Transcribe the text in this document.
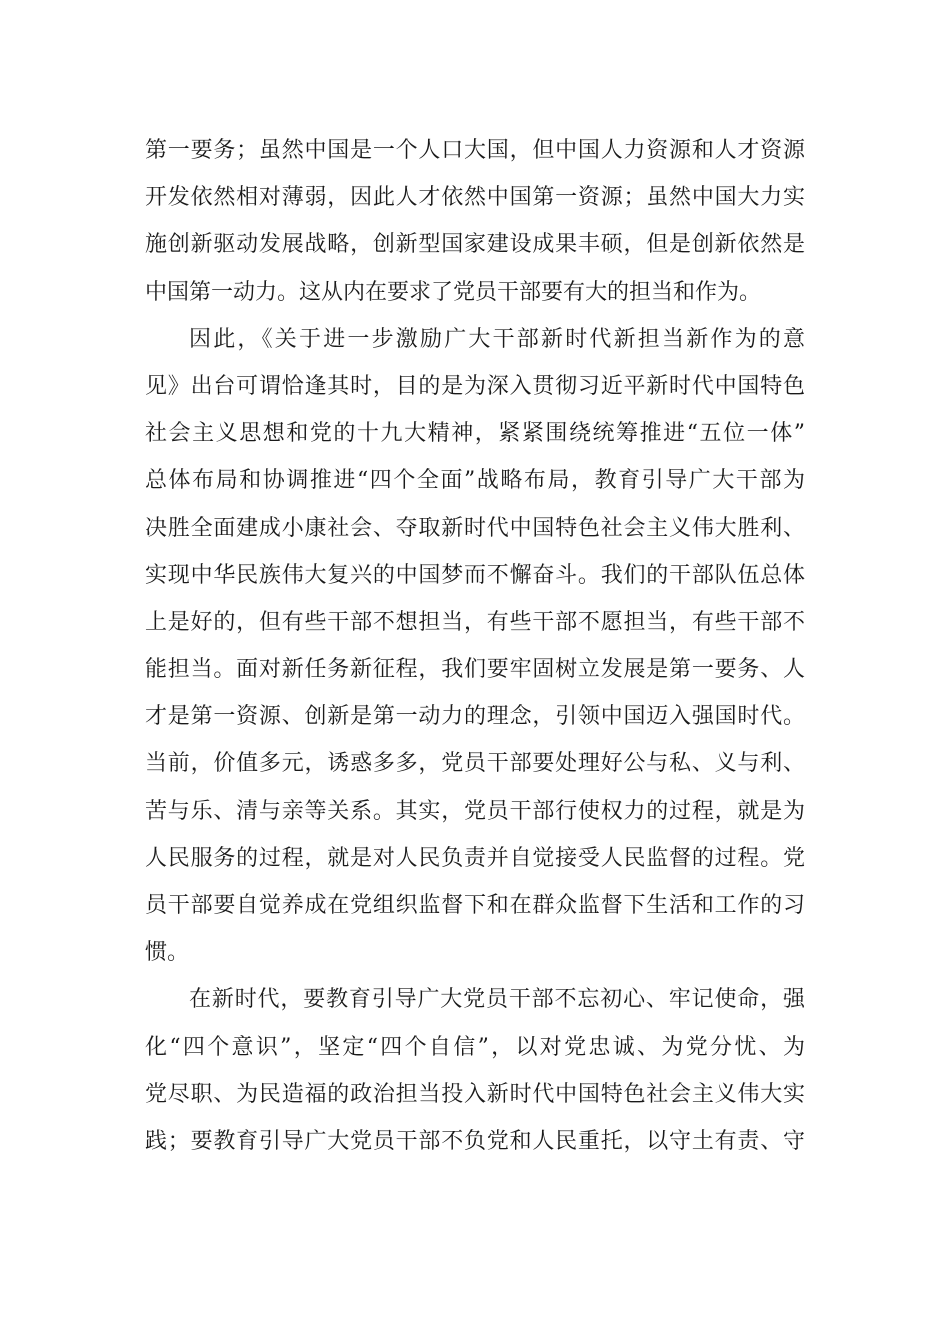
第一要务；虽然中国是一个人口大国，但中国人力资源和人才资源
开发依然相对薄弱，因此人才依然中国第一资源；虽然中国大力实
施创新驱动发展战略，创新型国家建设成果丰硕，但是创新依然是
中国第一动力。这从内在要求了党员干部要有大的担当和作为。
因此，《关于进一步激励广大干部新时代新担当新作为的意
见》出台可谓恰逢其时，目的是为深入贯彻习近平新时代中国特色
社会主义思想和党的十九大精神，紧紧围绕统筹推进“五位一体”
总体布局和协调推进“四个全面”战略布局，教育引导广大干部为
决胜全面建成小康社会、夺取新时代中国特色社会主义伟大胜利、
实现中华民族伟大复兴的中国梦而不懈奋斗。我们的干部队伍总体
上是好的，但有些干部不想担当，有些干部不愿担当，有些干部不
能担当。面对新任务新征程，我们要牢固树立发展是第一要务、人
才是第一资源、创新是第一动力的理念，引领中国迈入强国时代。
当前，价值多元，诱惑多多，党员干部要处理好公与私、义与利、
苦与乐、清与亲等关系。其实，党员干部行使权力的过程，就是为
人民服务的过程，就是对人民负责并自觉接受人民监督的过程。党
员干部要自觉养成在党组织监督下和在群众监督下生活和工作的习
惯。
在新时代，要教育引导广大党员干部不忘初心、牢记使命，强
化“四个意识”，坚定“四个自信”，以对党忠诚、为党分忧、为
党尽职、为民造福的政治担当投入新时代中国特色社会主义伟大实
践；要教育引导广大党员干部不负党和人民重托，以守土有责、守
